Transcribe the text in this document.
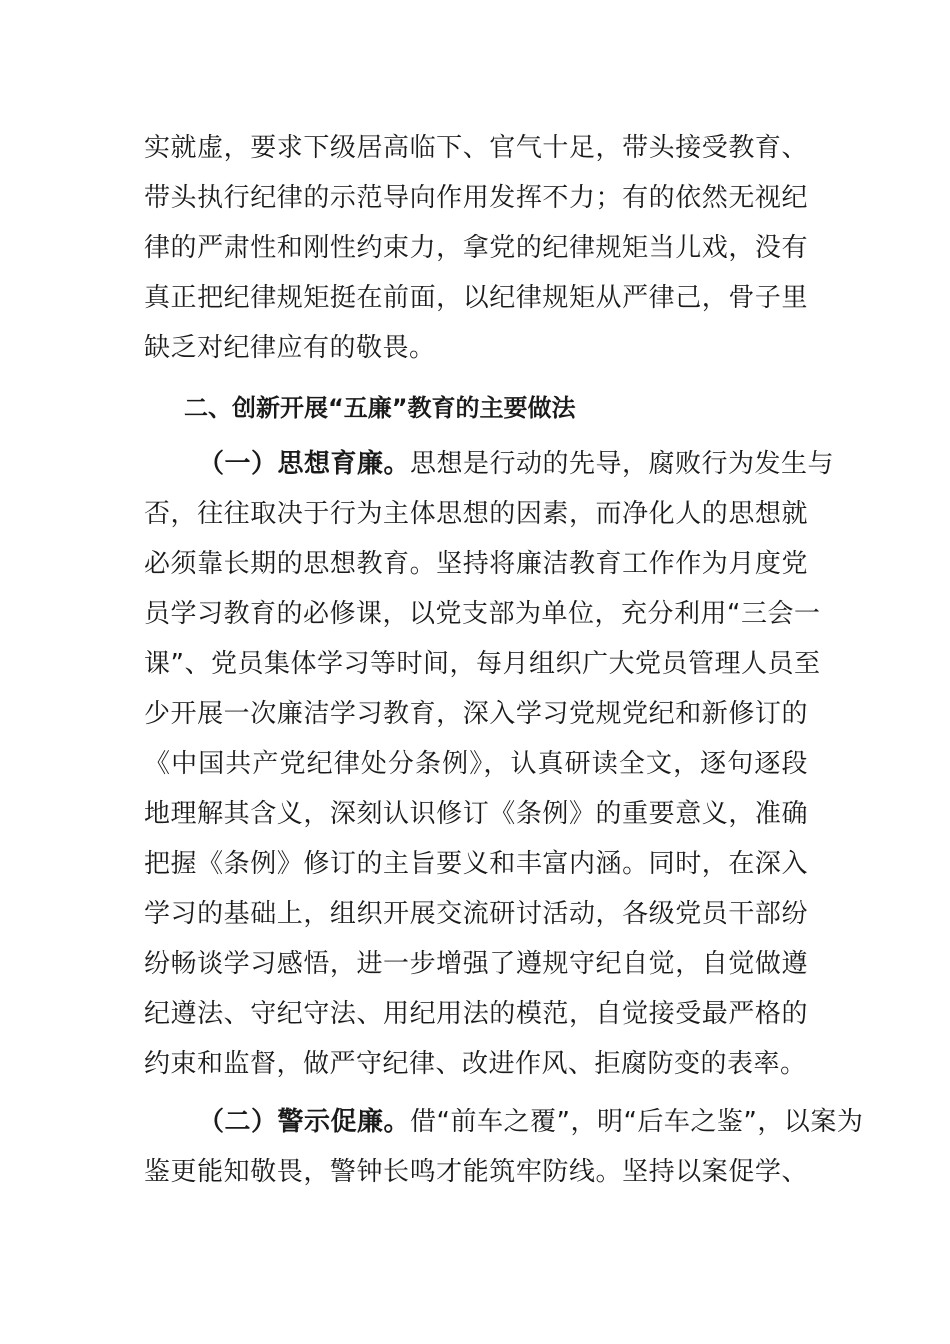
实就虚，要求下级居高临下、官气十足，带头接受教育、
带头执行纪律的示范导向作用发挥不力；有的依然无视纪
律的严肃性和刚性约束力，拿党的纪律规矩当儿戏，没有
真正把纪律规矩挺在前面，以纪律规矩从严律己，骨子里
缺乏对纪律应有的敬畏。
二、创新开展“五廉”教育的主要做法
（一）思想育廉。思想是行动的先导，腐败行为发生与
否，往往取决于行为主体思想的因素，而净化人的思想就
必须靠长期的思想教育。坚持将廉洁教育工作作为月度党
员学习教育的必修课，以党支部为单位，充分利用“三会一
课”、党员集体学习等时间，每月组织广大党员管理人员至
少开展一次廉洁学习教育，深入学习党规党纪和新修订的
《中国共产党纪律处分条例》，认真研读全文，逐句逐段
地理解其含义，深刻认识修订《条例》的重要意义，准确
把握《条例》修订的主旨要义和丰富内涵。同时，在深入
学习的基础上，组织开展交流研讨活动，各级党员干部纷
纷畅谈学习感悟，进一步增强了遵规守纪自觉，自觉做遵
纪遵法、守纪守法、用纪用法的模范，自觉接受最严格的
约束和监督，做严守纪律、改进作风、拒腐防变的表率。
（二）警示促廉。借“前车之覆”，明“后车之鉴”，以案为
鉴更能知敬畏，警钟长鸣才能筑牢防线。坚持以案促学、
